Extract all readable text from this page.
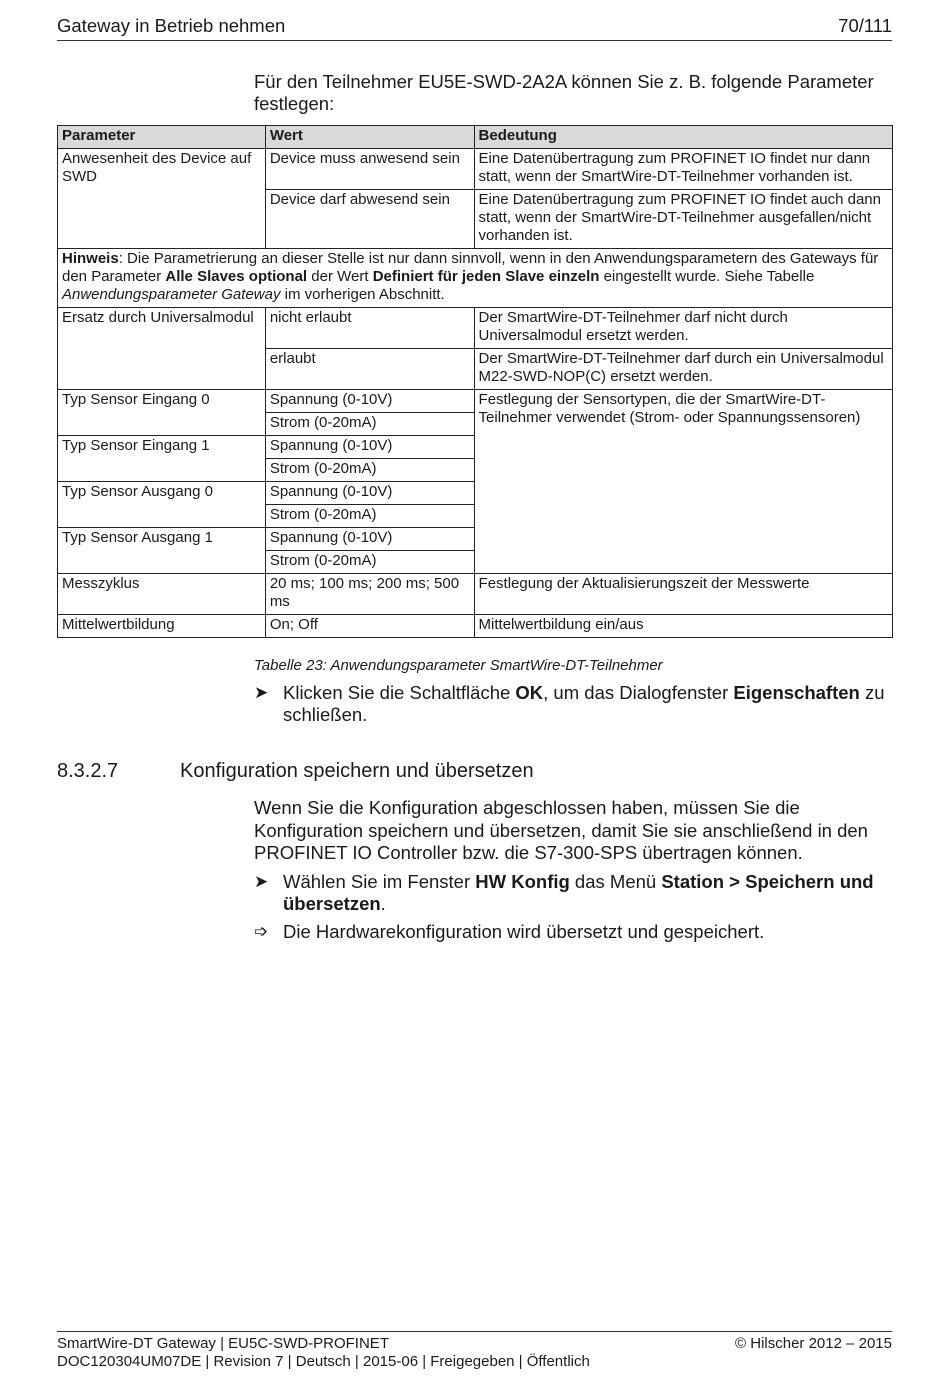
Gateway in Betrieb nehmen	70/111
Für den Teilnehmer EU5E-SWD-2A2A können Sie z. B. folgende Parameter festlegen:
Parameter	Wert	Bedeutung
Anwesenheit des Device auf SWD	Device muss anwesend sein	Eine Datenübertragung zum PROFINET IO findet nur dann statt, wenn der SmartWire-DT-Teilnehmer vorhanden ist.
	Device darf abwesend sein	Eine Datenübertragung zum PROFINET IO findet auch dann statt, wenn der SmartWire-DT-Teilnehmer ausgefallen/nicht vorhanden ist.
Hinweis: Die Parametrierung an dieser Stelle ist nur dann sinnvoll, wenn in den Anwendungsparametern des Gateways für den Parameter Alle Slaves optional der Wert Definiert für jeden Slave einzeln eingestellt wurde. Siehe Tabelle Anwendungsparameter Gateway im vorherigen Abschnitt.		
Ersatz durch Universalmodul	nicht erlaubt	Der SmartWire-DT-Teilnehmer darf nicht durch Universalmodul ersetzt werden.
	erlaubt	Der SmartWire-DT-Teilnehmer darf durch ein Universalmodul M22-SWD-NOP(C) ersetzt werden.
Typ Sensor Eingang 0	Spannung (0-10V)	Festlegung der Sensortypen, die der SmartWire-DT-Teilnehmer verwendet (Strom- oder Spannungssensoren)
	Strom (0-20mA)	
Typ Sensor Eingang 1	Spannung (0-10V)	
	Strom (0-20mA)	
Typ Sensor Ausgang 0	Spannung (0-10V)	
	Strom (0-20mA)	
Typ Sensor Ausgang 1	Spannung (0-10V)	
	Strom (0-20mA)	
Messzyklus	20 ms; 100 ms; 200 ms; 500 ms	Festlegung der Aktualisierungszeit der Messwerte
Mittelwertbildung	On; Off	Mittelwertbildung ein/aus
Tabelle 23: Anwendungsparameter SmartWire-DT-Teilnehmer
➤ Klicken Sie die Schaltfläche OK, um das Dialogfenster Eigenschaften zu schließen.
8.3.2.7	Konfiguration speichern und übersetzen
Wenn Sie die Konfiguration abgeschlossen haben, müssen Sie die Konfiguration speichern und übersetzen, damit Sie sie anschließend in den PROFINET IO Controller bzw. die S7-300-SPS übertragen können.
➤ Wählen Sie im Fenster HW Konfig das Menü Station > Speichern und übersetzen.
➩ Die Hardwarekonfiguration wird übersetzt und gespeichert.
SmartWire-DT Gateway | EU5C-SWD-PROFINET	© Hilscher 2012 – 2015
DOC120304UM07DE | Revision 7 | Deutsch | 2015-06 | Freigegeben | Öffentlich
